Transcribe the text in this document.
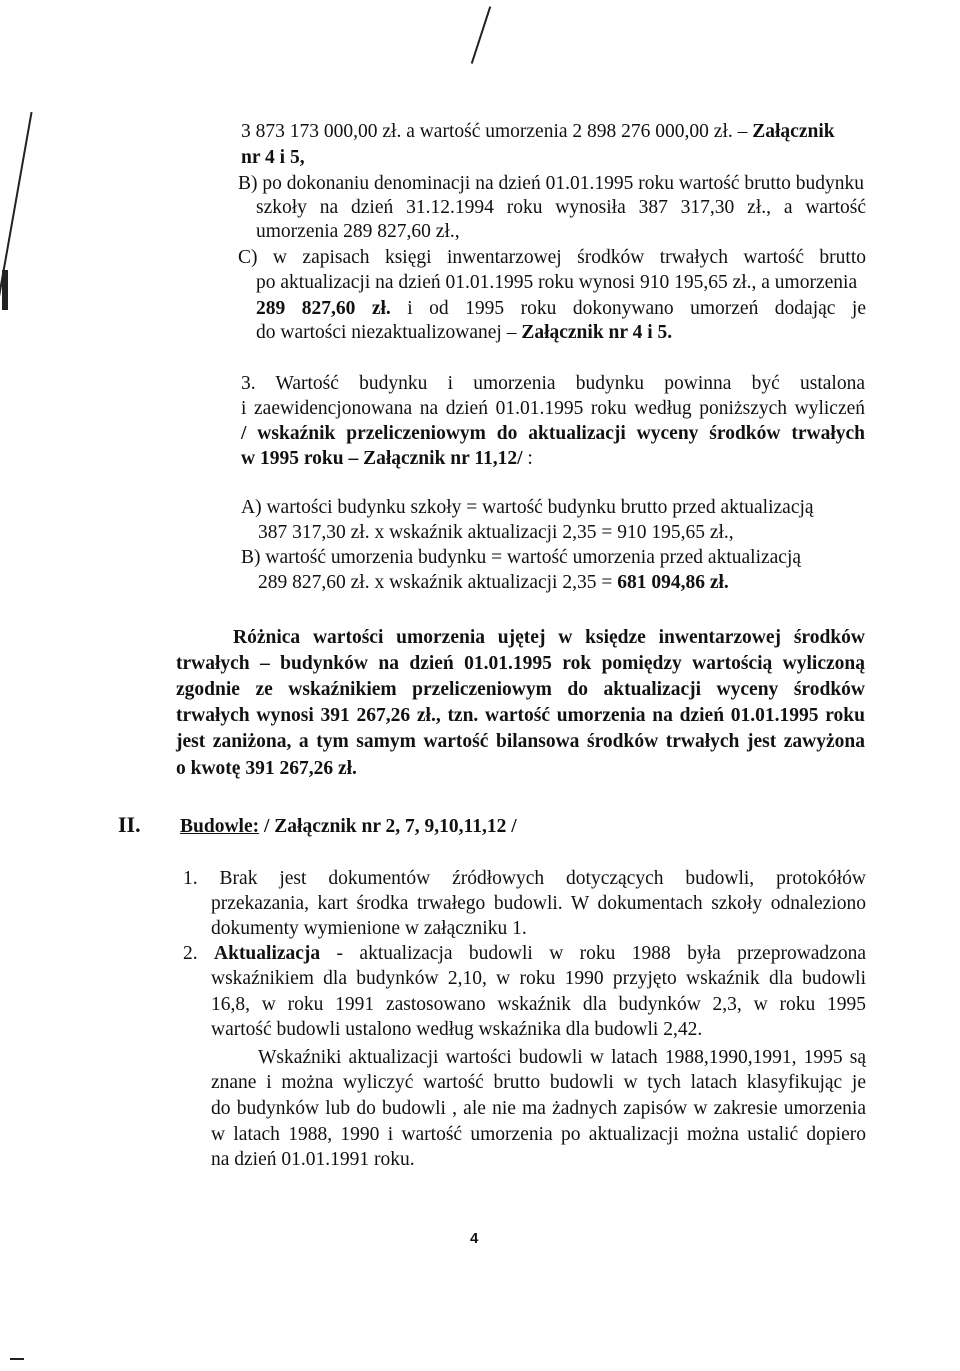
3 873 173 000,00 zł. a wartość umorzenia 2 898 276 000,00 zł. – Załącznik
nr 4 i 5,
B) po dokonaniu denominacji na dzień 01.01.1995 roku wartość brutto budynku
szkoły na dzień 31.12.1994 roku wynosiła 387 317,30 zł., a wartość
umorzenia 289 827,60 zł.,
C) w zapisach księgi inwentarzowej środków trwałych wartość brutto
po aktualizacji na dzień 01.01.1995 roku wynosi 910 195,65 zł., a umorzenia
289 827,60 zł. i od 1995 roku dokonywano umorzeń dodając je
do wartości niezaktualizowanej – Załącznik nr 4 i 5.
3. Wartość budynku i umorzenia budynku powinna być ustalona
i zaewidencjonowana na dzień 01.01.1995 roku według poniższych wyliczeń
/ wskaźnik przeliczeniowym do aktualizacji wyceny środków trwałych
w 1995 roku – Załącznik nr 11,12/ :
A) wartości budynku szkoły = wartość budynku brutto przed aktualizacją
387 317,30 zł. x wskaźnik aktualizacji 2,35 = 910 195,65 zł.,
B) wartość umorzenia budynku = wartość umorzenia przed aktualizacją
289 827,60 zł. x wskaźnik aktualizacji 2,35 = 681 094,86 zł.
Różnica wartości umorzenia ujętej w księdze inwentarzowej środków
trwałych – budynków na dzień 01.01.1995 rok pomiędzy wartością wyliczoną
zgodnie ze wskaźnikiem przeliczeniowym do aktualizacji wyceny środków
trwałych wynosi 391 267,26 zł., tzn. wartość umorzenia na dzień 01.01.1995 roku
jest zaniżona, a tym samym wartość bilansowa środków trwałych jest zawyżona
o kwotę 391 267,26 zł.
II. Budowle: / Załącznik nr 2, 7, 9,10,11,12 /
1. Brak jest dokumentów źródłowych dotyczących budowli, protokółów
przekazania, kart środka trwałego budowli. W dokumentach szkoły odnaleziono
dokumenty wymienione w załączniku 1.
2. Aktualizacja - aktualizacja budowli w roku 1988 była przeprowadzona
wskaźnikiem dla budynków 2,10, w roku 1990 przyjęto wskaźnik dla budowli
16,8, w roku 1991 zastosowano wskaźnik dla budynków 2,3, w roku 1995
wartość budowli ustalono według wskaźnika dla budowli 2,42.
Wskaźniki aktualizacji wartości budowli w latach 1988,1990,1991, 1995 są
znane i można wyliczyć wartość brutto budowli w tych latach klasyfikując je
do budynków lub do budowli , ale nie ma żadnych zapisów w zakresie umorzenia
w latach 1988, 1990 i wartość umorzenia po aktualizacji można ustalić dopiero
na dzień 01.01.1991 roku.
4
